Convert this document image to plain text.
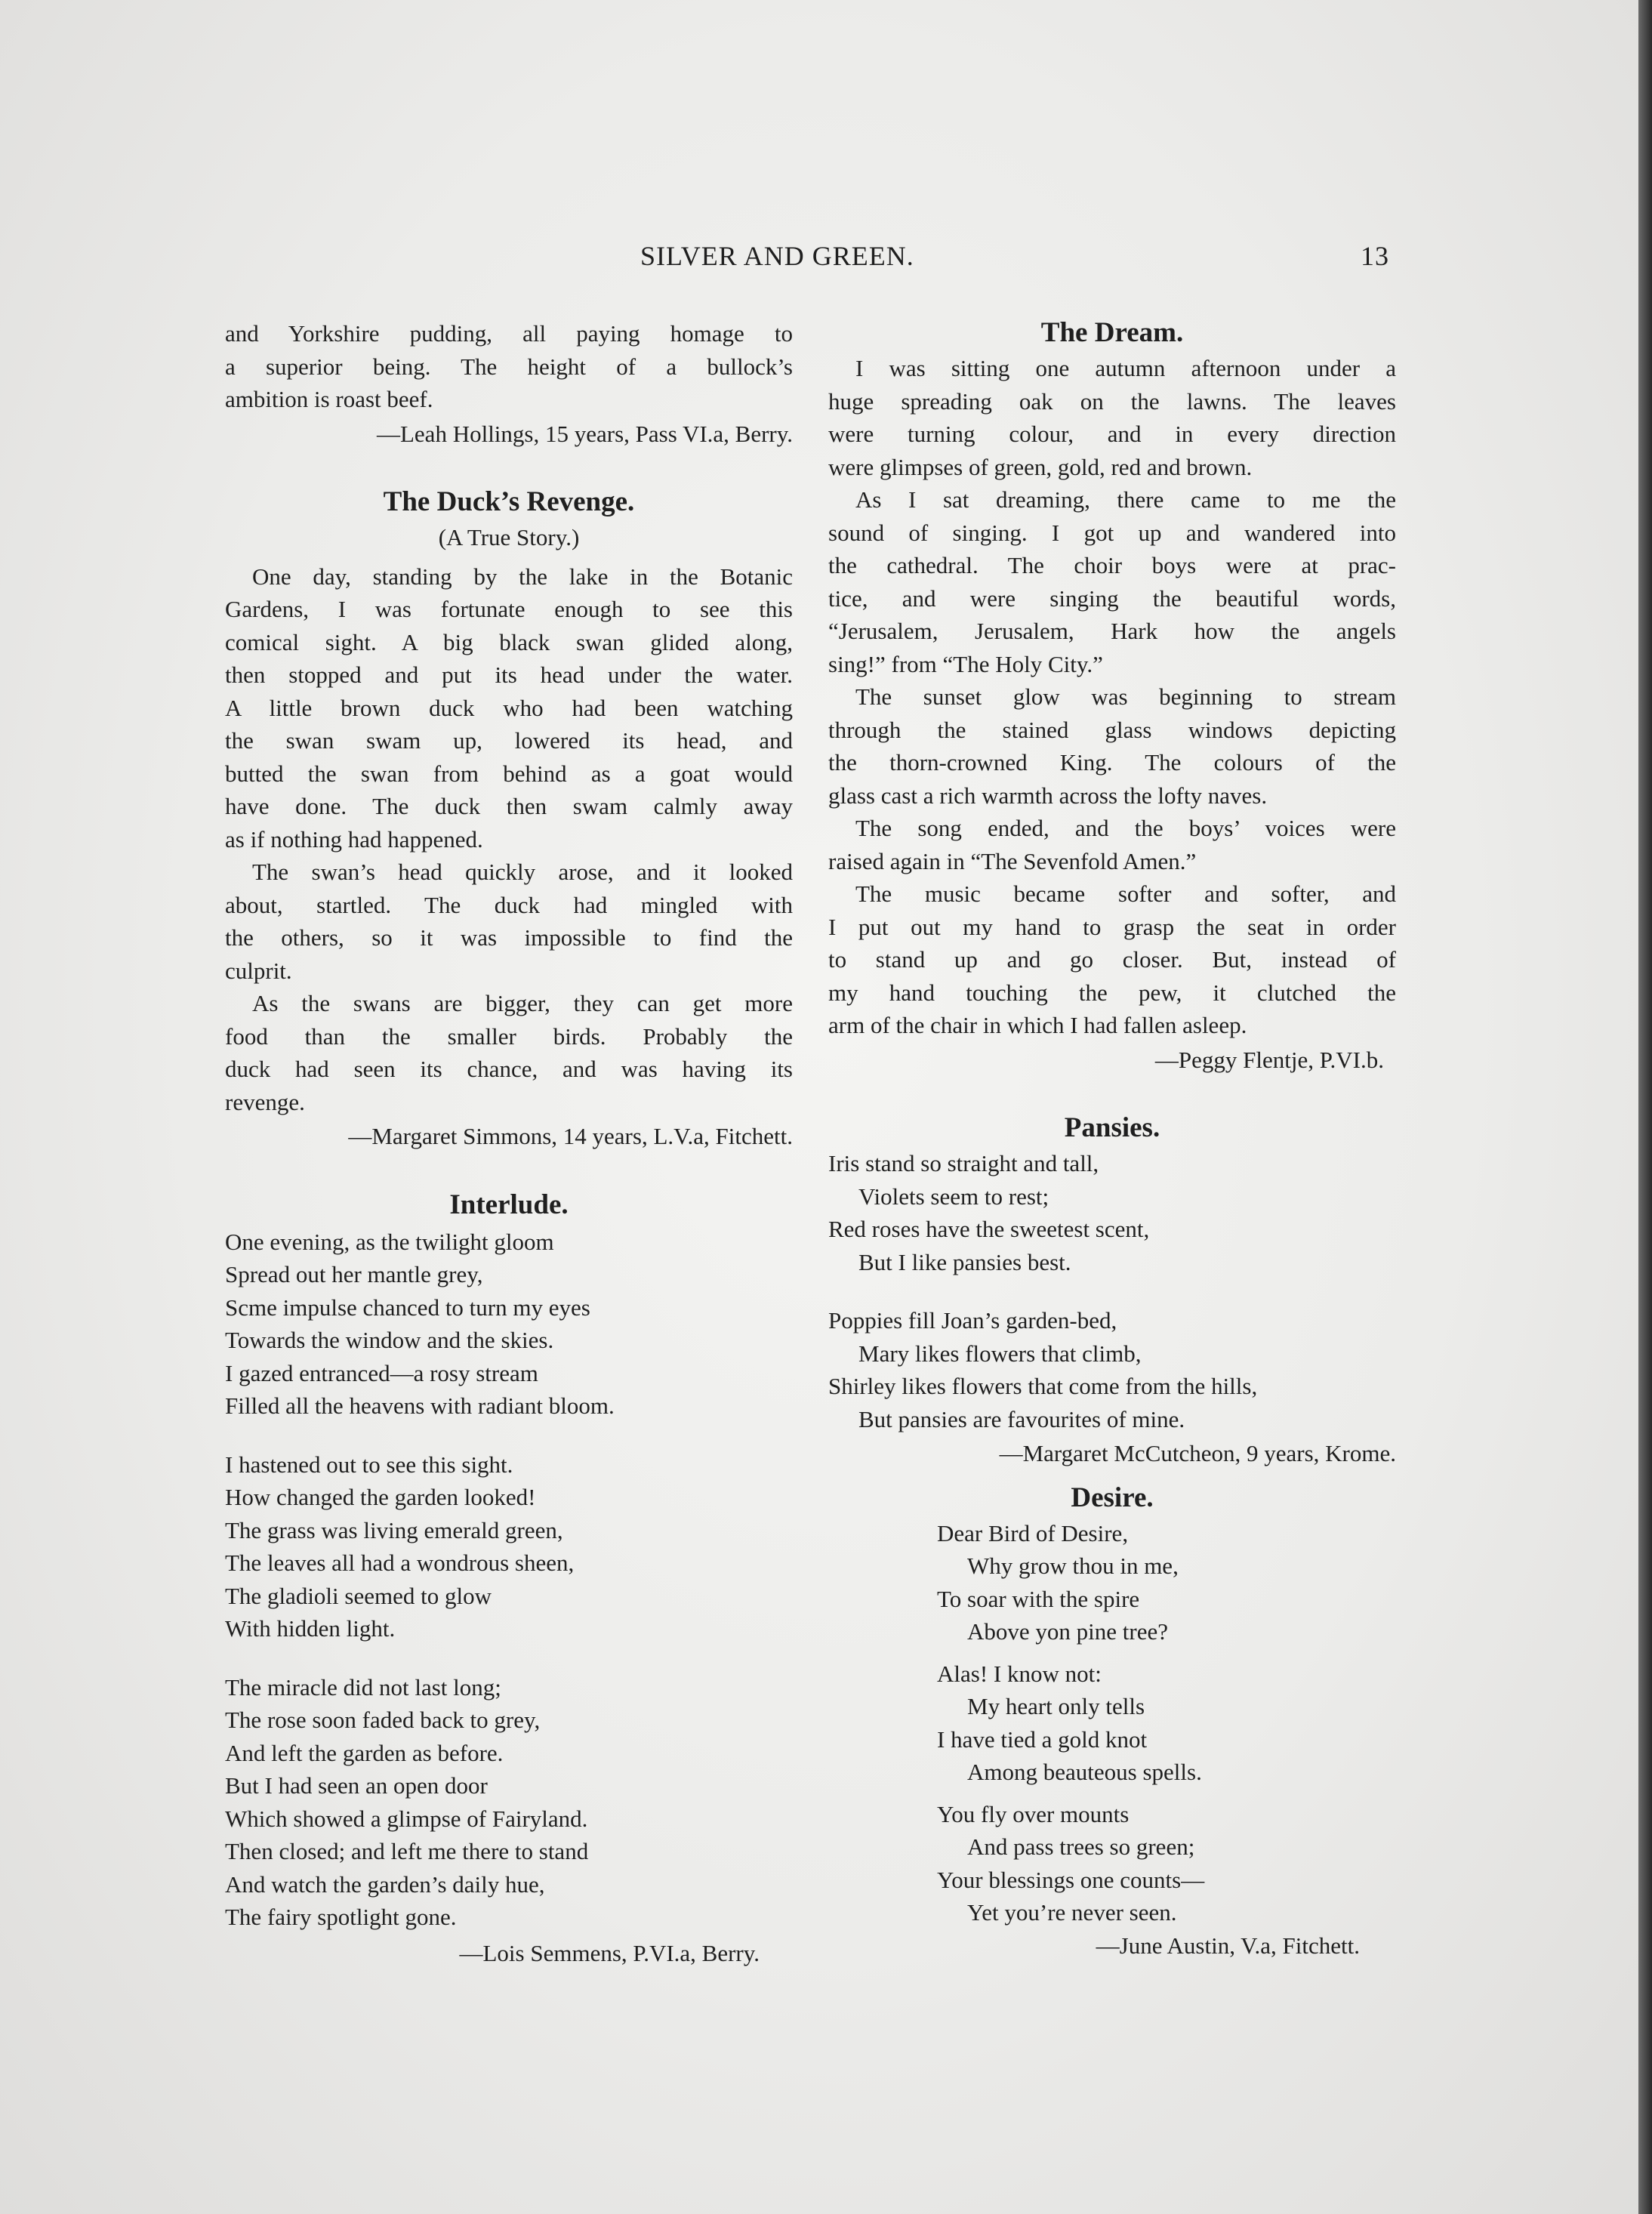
SILVER AND GREEN.	13

and Yorkshire pudding, all paying homage to

a superior being. The height of a bullock’s

ambition is roast beef.

—Leah Hollings, 15 years, Pass VI.a, Berry.

The Duck’s Revenge.

(A True Story.)

One day, standing by the lake in the Botanic

Gardens, I was fortunate enough to see this

comical sight. A big black swan glided along,

then stopped and put its head under the water.

A little brown duck who had been watching

the swan swam up, lowered its head, and

butted the swan from behind as a goat would

have done. The duck then swam calmly away

as if nothing had happened.

The swan’s head quickly arose, and it looked

about, startled. The duck had mingled with

the others, so it was impossible to find the

culprit.

As the swans are bigger, they can get more

food than the smaller birds. Probably the

duck had seen its chance, and was having its

revenge.

—Margaret Simmons, 14 years, L.V.a, Fitchett.

Interlude.

One evening, as the twilight gloom

Spread out her mantle grey,

Scme impulse chanced to turn my eyes

Towards the window and the skies.

I gazed entranced—a rosy stream

Filled all the heavens with radiant bloom.

I hastened out to see this sight.

How changed the garden looked!

The grass was living emerald green,

The leaves all had a wondrous sheen,

The gladioli seemed to glow

With hidden light.

The miracle did not last long;

The rose soon faded back to grey,

And left the garden as before.

But I had seen an open door

Which showed a glimpse of Fairyland.

Then closed; and left me there to stand

And watch the garden’s daily hue,

The fairy spotlight gone.

—Lois Semmens, P.VI.a, Berry.

The Dream.

I was sitting one autumn afternoon under a

huge spreading oak on the lawns. The leaves

were turning colour, and in every direction

were glimpses of green, gold, red and brown.

As I sat dreaming, there came to me the

sound of singing. I got up and wandered into

the cathedral. The choir boys were at prac-

tice, and were singing the beautiful words,

“Jerusalem, Jerusalem, Hark how the angels

sing!” from “The Holy City.”

The sunset glow was beginning to stream

through the stained glass windows depicting

the thorn-crowned King. The colours of the

glass cast a rich warmth across the lofty naves.

The song ended, and the boys’ voices were

raised again in “The Sevenfold Amen.”

The music became softer and softer, and

I put out my hand to grasp the seat in order

to stand up and go closer. But, instead of

my hand touching the pew, it clutched the

arm of the chair in which I had fallen asleep.

—Peggy Flentje, P.VI.b.

Pansies.

Iris stand so straight and tall,

Violets seem to rest;

Red roses have the sweetest scent,

But I like pansies best.

Poppies fill Joan’s garden-bed,

Mary likes flowers that climb,

Shirley likes flowers that come from the hills,

But pansies are favourites of mine.

—Margaret McCutcheon, 9 years, Krome.

Desire.

Dear Bird of Desire,

Why grow thou in me,

To soar with the spire

Above yon pine tree?

Alas! I know not:

My heart only tells

I have tied a gold knot

Among beauteous spells.

You fly over mounts

And pass trees so green;

Your blessings one counts—

Yet you’re never seen.

—June Austin, V.a, Fitchett.
